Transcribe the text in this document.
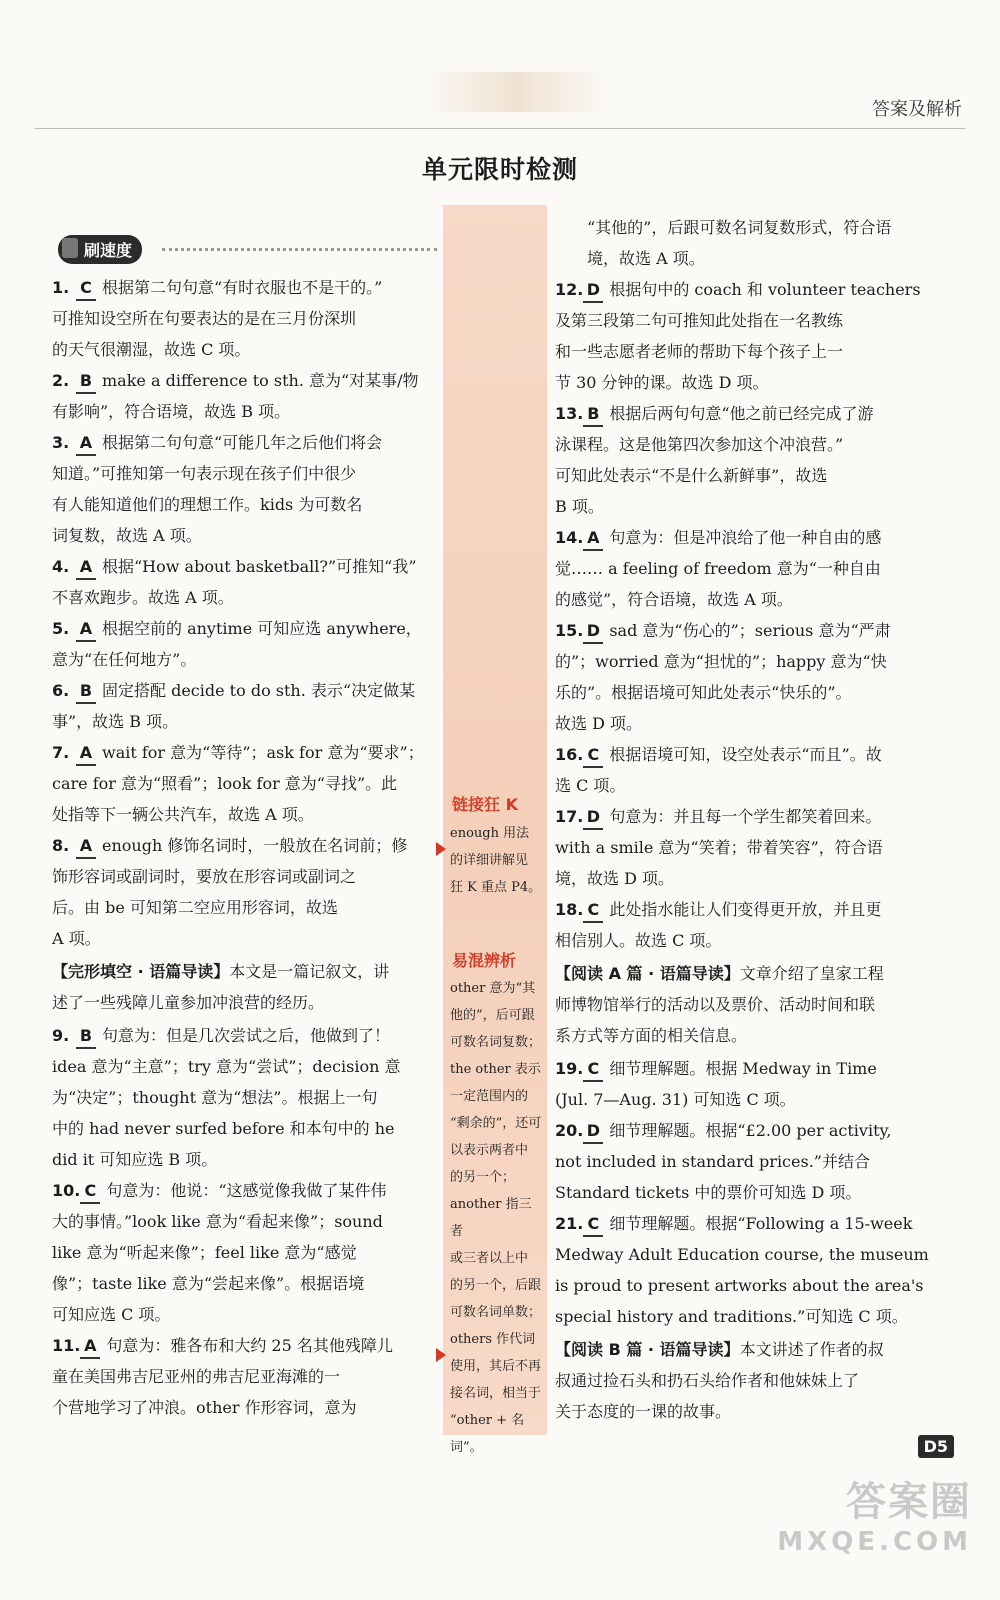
答案及解析
单元限时检测
刷速度

1. C 根据第二句句意“有时衣服也不是干的。”
可推知设空所在句要表达的是在三月份深圳
的天气很潮湿，故选 C 项。

2. B make a difference to sth. 意为“对某事/物
有影响”，符合语境，故选 B 项。

3. A 根据第二句句意“可能几年之后他们将会
知道。”可推知第一句表示现在孩子们中很少
有人能知道他们的理想工作。kids 为可数名
词复数，故选 A 项。

4. A 根据“How about basketball?”可推知“我”
不喜欢跑步。故选 A 项。

5. A 根据空前的 anytime 可知应选 anywhere，
意为“在任何地方”。

6. B 固定搭配 decide to do sth. 表示“决定做某
事”，故选 B 项。

7. A wait for 意为“等待”；ask for 意为“要求”；
care for 意为“照看”；look for 意为“寻找”。此
处指等下一辆公共汽车，故选 A 项。

8. A enough 修饰名词时，一般放在名词前；修
饰形容词或副词时，要放在形容词或副词之
后。由 be 可知第二空应用形容词，故选
A 项。

【完形填空 · 语篇导读】本文是一篇记叙文，讲
述了一些残障儿童参加冲浪营的经历。

9. B 句意为：但是几次尝试之后，他做到了！
idea 意为“主意”；try 意为“尝试”；decision 意
为“决定”；thought 意为“想法”。根据上一句
中的 had never surfed before 和本句中的 he
did it 可知应选 B 项。

10. C 句意为：他说：“这感觉像我做了某件伟
大的事情。”look like 意为“看起来像”；sound
like 意为“听起来像”；feel like 意为“感觉
像”；taste like 意为“尝起来像”。根据语境
可知应选 C 项。

11. A 句意为：雅各布和大约 25 名其他残障儿
童在美国弗吉尼亚州的弗吉尼亚海滩的一
个营地学习了冲浪。other 作形容词，意为

链接狂 K
enough 用法
的详细讲解见
狂 K 重点 P4。
易混辨析
other 意为“其
他的”，后可跟
可数名词复数；
the other 表示
一定范围内的
“剩余的”，还可
以表示两者中
的另一个；
another 指三者
或三者以上中
的另一个，后跟
可数名词单数；
others 作代词
使用，其后不再
接名词，相当于
“other + 名词”。

“其他的”，后跟可数名词复数形式，符合语
境，故选 A 项。

12. D 根据句中的 coach 和 volunteer teachers
及第三段第二句可推知此处指在一名教练
和一些志愿者老师的帮助下每个孩子上一
节 30 分钟的课。故选 D 项。

13. B 根据后两句句意“他之前已经完成了游
泳课程。这是他第四次参加这个冲浪营。”
可知此处表示“不是什么新鲜事”，故选
B 项。

14. A 句意为：但是冲浪给了他一种自由的感
觉…… a feeling of freedom 意为“一种自由
的感觉”，符合语境，故选 A 项。

15. D sad 意为“伤心的”；serious 意为“严肃
的”；worried 意为“担忧的”；happy 意为“快
乐的”。根据语境可知此处表示“快乐的”。
故选 D 项。

16. C 根据语境可知，设空处表示“而且”。故
选 C 项。

17. D 句意为：并且每一个学生都笑着回来。
with a smile 意为“笑着；带着笑容”，符合语
境，故选 D 项。

18. C 此处指水能让人们变得更开放，并且更
相信别人。故选 C 项。

【阅读 A 篇 · 语篇导读】文章介绍了皇家工程
师博物馆举行的活动以及票价、活动时间和联
系方式等方面的相关信息。

19. C 细节理解题。根据 Medway in Time
(Jul. 7—Aug. 31) 可知选 C 项。

20. D 细节理解题。根据“£2.00 per activity,
not included in standard prices.”并结合
Standard tickets 中的票价可知选 D 项。

21. C 细节理解题。根据“Following a 15-week
Medway Adult Education course, the museum
is proud to present artworks about the area's
special history and traditions.”可知选 C 项。

【阅读 B 篇 · 语篇导读】本文讲述了作者的叔
叔通过捡石头和扔石头给作者和他妹妹上了
关于态度的一课的故事。

D5
答案圈
MXQE.COM
